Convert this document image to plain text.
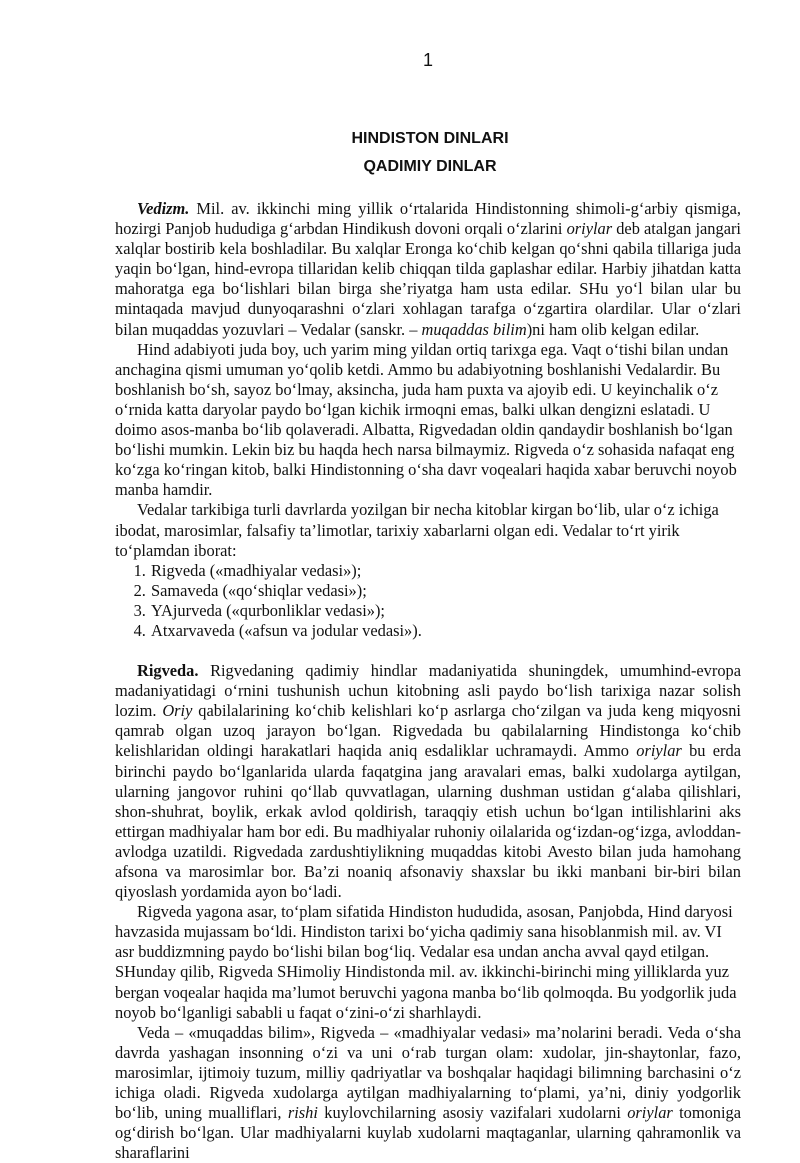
1
HINDISTON DINLARI
QADIMIY DINLAR

Vedizm. Mil. av. ikkinchi ming yillik o‘rtalarida Hindistonning shimoli-g‘arbiy qismiga, hozirgi Panjob hududiga g‘arbdan Hindikush dovoni orqali o‘zlarini oriylar deb atalgan jangari xalqlar bostirib kela boshladilar. Bu xalqlar Eronga ko‘chib kelgan qo‘shni qabila tillariga juda yaqin bo‘lgan, hind-evropa tillaridan kelib chiqqan tilda gaplashar edilar. Harbiy jihatdan katta mahoratga ega bo‘lishlari bilan birga she’riyatga ham usta edilar. SHu yo‘l bilan ular bu mintaqada mavjud dunyoqarashni o‘zlari xohlagan tarafga o‘zgartira olardilar. Ular o‘zlari bilan muqaddas yozuvlari – Vedalar (sanskr. – muqaddas bilim)ni ham olib kelgan edilar.

Hind adabiyoti juda boy, uch yarim ming yildan ortiq tarixga ega. Vaqt o‘tishi bilan undan anchagina qismi umuman yo‘qolib ketdi. Ammo bu adabiyotning boshlanishi Vedalardir. Bu boshlanish bo‘sh, sayoz bo‘lmay, aksincha, juda ham puxta va ajoyib edi. U keyinchalik o‘z o‘rnida katta daryolar paydo bo‘lgan kichik irmoqni emas, balki ulkan dengizni eslatadi. U doimo asos-manba bo‘lib qolaveradi. Albatta, Rigvedadan oldin qandaydir boshlanish bo‘lgan bo‘lishi mumkin. Lekin biz bu haqda hech narsa bilmaymiz. Rigveda o‘z sohasida nafaqat eng ko‘zga ko‘ringan kitob, balki Hindistonning o‘sha davr voqealari haqida xabar beruvchi noyob manba hamdir.

Vedalar tarkibiga turli davrlarda yozilgan bir necha kitoblar kirgan bo‘lib, ular o‘z ichiga ibodat, marosimlar, falsafiy ta’limotlar, tarixiy xabarlarni olgan edi. Vedalar to‘rt yirik to‘plamdan iborat:

1. Rigveda («madhiyalar vedasi»);
2. Samaveda («qo‘shiqlar vedasi»);
3. YAjurveda («qurbonliklar vedasi»);
4. Atxarvaveda («afsun va jodular vedasi»).

Rigveda. Rigvedaning qadimiy hindlar madaniyatida shuningdek, umumhind-evropa madaniyatidagi o‘rnini tushunish uchun kitobning asli paydo bo‘lish tarixiga nazar solish lozim. Oriy qabilalarining ko‘chib kelishlari ko‘p asrlarga cho‘zilgan va juda keng miqyosni qamrab olgan uzoq jarayon bo‘lgan. Rigvedada bu qabilalarning Hindistonga ko‘chib kelishlaridan oldingi harakatlari haqida aniq esdaliklar uchramaydi. Ammo oriylar bu erda birinchi paydo bo‘lganlarida ularda faqatgina jang aravalari emas, balki xudolarga aytilgan, ularning jangovor ruhini qo‘llab quvvatlagan, ularning dushman ustidan g‘alaba qilishlari, shon-shuhrat, boylik, erkak avlod qoldirish, taraqqiy etish uchun bo‘lgan intilishlarini aks ettirgan madhiyalar ham bor edi. Bu madhiyalar ruhoniy oilalarida og‘izdan-og‘izga, avloddan-avlodga uzatildi. Rigvedada zardushtiylikning muqaddas kitobi Avesto bilan juda hamohang afsona va marosimlar bor. Ba’zi noaniq afsonaviy shaxslar bu ikki manbani bir-biri bilan qiyoslash yordamida ayon bo‘ladi.

Rigveda yagona asar, to‘plam sifatida Hindiston hududida, asosan, Panjobda, Hind daryosi havzasida mujassam bo‘ldi. Hindiston tarixi bo‘yicha qadimiy sana hisoblanmish mil. av. VI asr buddizmning paydo bo‘lishi bilan bog‘liq. Vedalar esa undan ancha avval qayd etilgan. SHunday qilib, Rigveda SHimoliy Hindistonda mil. av. ikkinchi-birinchi ming yilliklarda yuz bergan voqealar haqida ma’lumot beruvchi yagona manba bo‘lib qolmoqda. Bu yodgorlik juda noyob bo‘lganligi sababli u faqat o‘zini-o‘zi sharhlaydi.

Veda – «muqaddas bilim», Rigveda – «madhiyalar vedasi» ma’nolarini beradi. Veda o‘sha davrda yashagan insonning o‘zi va uni o‘rab turgan olam: xudolar, jin-shaytonlar, fazo, marosimlar, ijtimoiy tuzum, milliy qadriyatlar va boshqalar haqidagi bilimning barchasini o‘z ichiga oladi. Rigveda xudolarga aytilgan madhiyalarning to‘plami, ya’ni, diniy yodgorlik bo‘lib, uning mualliflari, rishi kuylovchilarning asosiy vazifalari xudolarni oriylar tomoniga og‘dirish bo‘lgan. Ular madhiyalarni kuylab xudolarni maqtaganlar, ularning qahramonlik va sharaflarini
